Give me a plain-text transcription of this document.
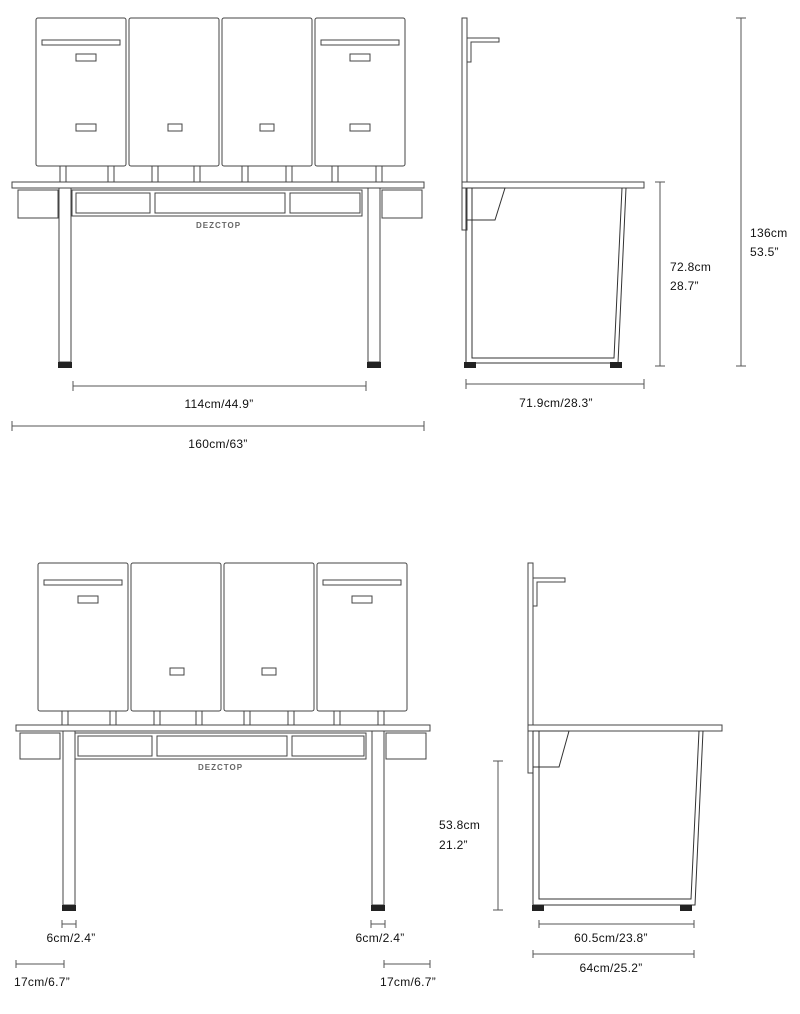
DEZCTOP
DEZCTOP
114cm/44.9”
160cm/63”
71.9cm/28.3”
72.8cm
28.7”
136cm
53.5”
6cm/2.4”	6cm/2.4”
17cm/6.7”	17cm/6.7”
53.8cm
21.2”
60.5cm/23.8”
64cm/25.2”
